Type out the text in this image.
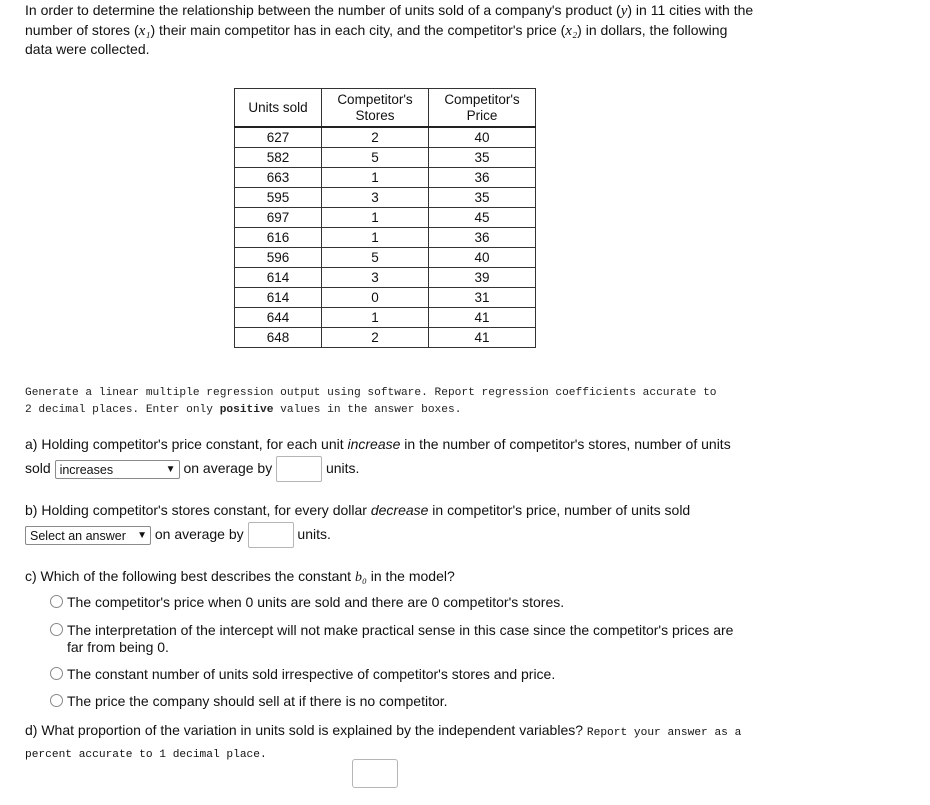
In order to determine the relationship between the number of units sold of a company's product (y) in 11 cities with the number of stores (x₁) their main competitor has in each city, and the competitor's price (x₂) in dollars, the following data were collected.
Units sold	Competitor's Stores	Competitor's Price
627	2	40
582	5	35
663	1	36
595	3	35
697	1	45
616	1	36
596	5	40
614	3	39
614	0	31
644	1	41
648	2	41
Generate a linear multiple regression output using software. Report regression coefficients accurate to 2 decimal places. Enter only positive values in the answer boxes.
a) Holding competitor's price constant, for each unit increase in the number of competitor's stores, number of units sold increases	▼ on average by	units.
b) Holding competitor's stores constant, for every dollar decrease in competitor's price, number of units sold Select an answer ▼ on average by	units.
c) Which of the following best describes the constant b₀ in the model?
The competitor's price when 0 units are sold and there are 0 competitor's stores.
The interpretation of the intercept will not make practical sense in this case since the competitor's prices are far from being 0.
The constant number of units sold irrespective of competitor's stores and price.
The price the company should sell at if there is no competitor.
d) What proportion of the variation in units sold is explained by the independent variables? Report your answer as a percent accurate to 1 decimal place.
